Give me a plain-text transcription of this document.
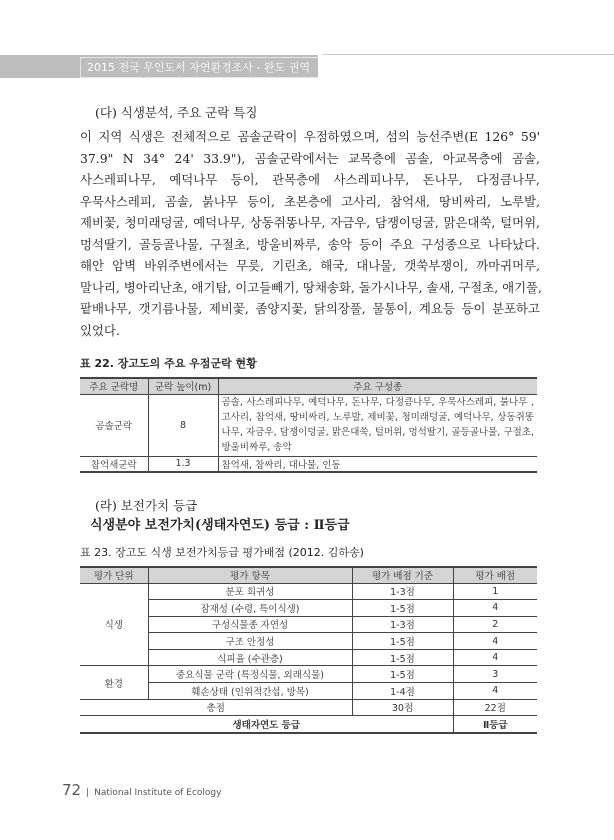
2015 전국 무인도서 자연환경조사 - 완도 권역
(다) 식생분석, 주요 군락 특징
이 지역 식생은 전체적으로 곰솔군락이 우점하였으며, 섬의 능선주변(E 126° 59'
37.9" N 34° 24' 33.9"), 곰솔군락에서는 교목층에 곰솔, 아교목층에 곰솔,
사스레피나무, 예덕나무 등이, 관목층에 사스레피나무, 돈나무, 다정큼나무,
우묵사스레피, 곰솔, 붉나무 등이, 초본층에 고사리, 참억새, 땅비싸리, 노루발,
제비꽃, 청미래덩굴, 예덕나무, 상동쥐똥나무, 자금우, 담쟁이덩굴, 맑은대쑥, 털머위,
멍석딸기, 골등골나물, 구절초, 방울비짜루, 송악 등이 주요 구성종으로 나타났다.
해안 암벽 바위주변에서는 무릇, 기린초, 해국, 대나물, 갯쑥부쟁이, 까마귀머루,
말나리, 병아리난초, 애기탑, 이고들빼기, 땅채송화, 돌가시나무, 솔새, 구절초, 애기풀,
팥배나무, 갯기름나물, 제비꽃, 좀양지꽃, 닭의장풀, 물통이, 계요등 등이 분포하고
있었다.
표 22. 장고도의 주요 우점군락 현황
주요 군락명	군락 높이(m)	주요 구성종
곰솔군락	8	곰솔, 사스레피나무, 예덕나무, 돈나무, 다정큼나무, 우묵사스레피, 붉나무 ,고사리, 참억새, 땅비싸리, 노루발, 제비꽃, 청미래덩굴, 예덕나무, 상동쥐똥나무, 자금우, 담쟁이덩굴, 맑은대쑥, 털머위, 멍석딸기, 골등골나물, 구절초, 방울비짜루, 송악
참억새군락	1.3	참억새, 참싸리, 대나물, 인동
(라) 보전가치 등급
식생분야 보전가치(생태자연도) 등급 : Ⅱ등급
표 23. 장고도 식생 보전가치등급 평가배점 (2012. 김하송)
평가 단위	평가 항목	평가 배점 기준	평가 배점
식생	분포 희귀성	1-3점	1
	잠재성 (수령, 특이식생)	1-5점	4
	구성식물종 자연성	1-3점	2
	구조 안정성	1-5점	4
	식피율 (수관층)	1-5점	4
환경	중요식물 군락 (특정식물, 외래식물)	1-5점	3
	훼손상태 (인위적간섭, 방목)	1-4점	4
총점		30점	22점
생태자연도 등급			Ⅱ등급
72 | National Institute of Ecology
